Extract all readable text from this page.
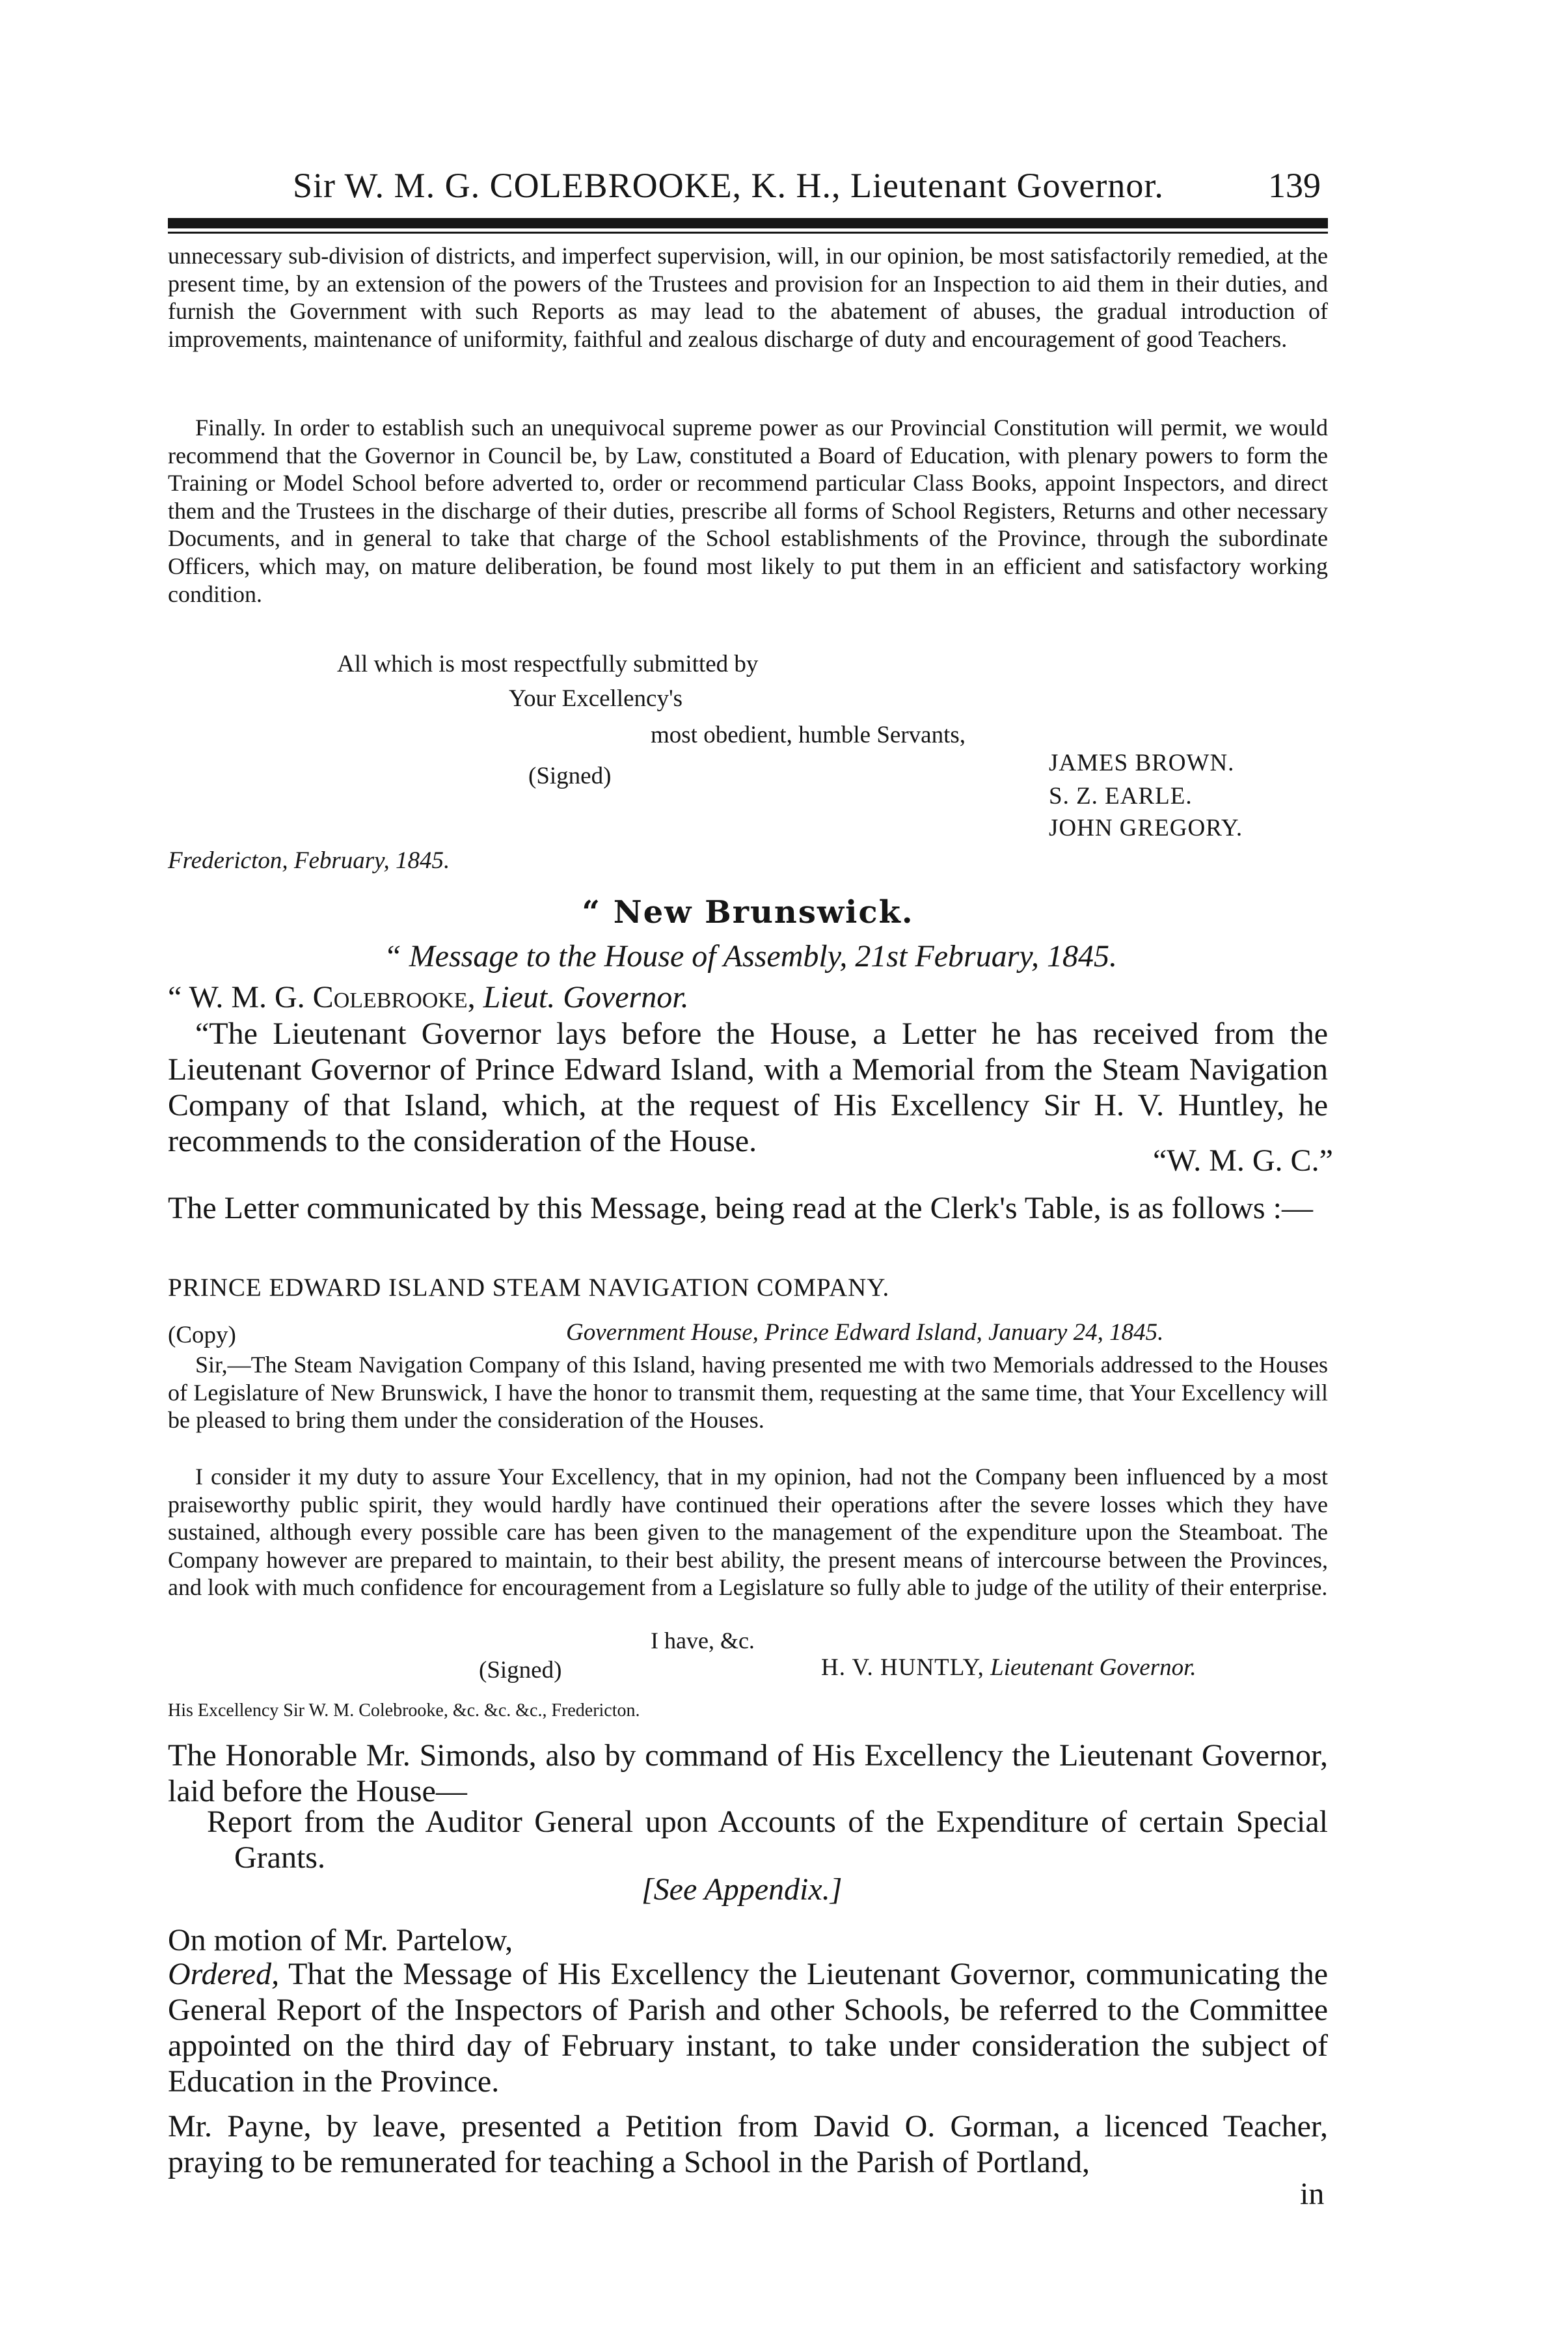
Sir W. M. G. COLEBROOKE, K. H., Lieutenant Governor.	139

unnecessary sub-division of districts, and imperfect supervision, will, in our opinion, be most satisfactorily remedied, at the present time, by an extension of the powers of the Trustees and provision for an Inspection to aid them in their duties, and furnish the Government with such Reports as may lead to the abatement of abuses, the gradual introduction of improvements, maintenance of uniformity, faithful and zealous discharge of duty and encouragement of good Teachers.

Finally. In order to establish such an unequivocal supreme power as our Provincial Constitution will permit, we would recommend that the Governor in Council be, by Law, constituted a Board of Education, with plenary powers to form the Training or Model School before adverted to, order or recommend particular Class Books, appoint Inspectors, and direct them and the Trustees in the discharge of their duties, prescribe all forms of School Registers, Returns and other necessary Documents, and in general to take that charge of the School establishments of the Province, through the subordinate Officers, which may, on mature deliberation, be found most likely to put them in an efficient and satisfactory working condition.

All which is most respectfully submitted by
Your Excellency's
most obedient, humble Servants,
(Signed)	JAMES BROWN.
S. Z. EARLE.
JOHN GREGORY.
Fredericton, February, 1845.
“ New Brunswick.
“ Message to the House of Assembly, 21st February, 1845.
“ W. M. G. Colebrooke, Lieut. Governor.

“The Lieutenant Governor lays before the House, a Letter he has received from the Lieutenant Governor of Prince Edward Island, with a Memorial from the Steam Navigation Company of that Island, which, at the request of His Excellency Sir H. V. Huntley, he recommends to the consideration of the House.

“W. M. G. C.”

The Letter communicated by this Message, being read at the Clerk's Table, is as follows :—

PRINCE EDWARD ISLAND STEAM NAVIGATION COMPANY.
(Copy)	Government House, Prince Edward Island, January 24, 1845.

Sir,—The Steam Navigation Company of this Island, having presented me with two Memorials addressed to the Houses of Legislature of New Brunswick, I have the honor to transmit them, requesting at the same time, that Your Excellency will be pleased to bring them under the consideration of the Houses.

I consider it my duty to assure Your Excellency, that in my opinion, had not the Company been influenced by a most praiseworthy public spirit, they would hardly have continued their operations after the severe losses which they have sustained, although every possible care has been given to the management of the expenditure upon the Steamboat. The Company however are prepared to maintain, to their best ability, the present means of intercourse between the Provinces, and look with much confidence for encouragement from a Legislature so fully able to judge of the utility of their enterprise.

I have, &c.
(Signed)	H. V. HUNTLY, Lieutenant Governor.
His Excellency Sir W. M. Colebrooke, &c. &c. &c., Fredericton.

The Honorable Mr. Simonds, also by command of His Excellency the Lieutenant Governor, laid before the House—

Report from the Auditor General upon Accounts of the Expenditure of certain Special Grants.

[See Appendix.]
On motion of Mr. Partelow,

Ordered, That the Message of His Excellency the Lieutenant Governor, communicating the General Report of the Inspectors of Parish and other Schools, be referred to the Committee appointed on the third day of February instant, to take under consideration the subject of Education in the Province.

Mr. Payne, by leave, presented a Petition from David O. Gorman, a licenced Teacher, praying to be remunerated for teaching a School in the Parish of Portland,

in
